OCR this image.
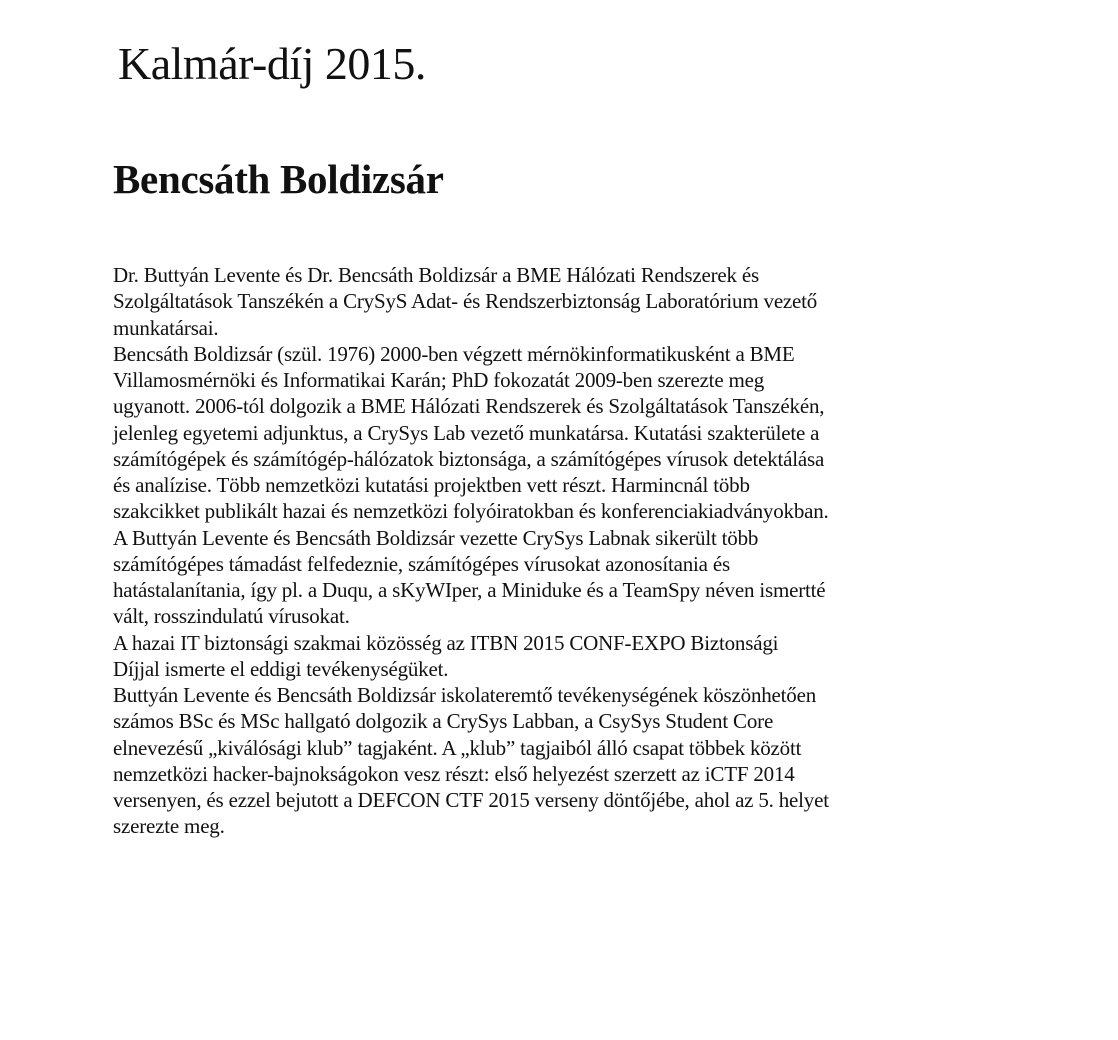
Kalmár-díj 2015.
Bencsáth Boldizsár
Dr. Buttyán Levente és Dr. Bencsáth Boldizsár a BME Hálózati Rendszerek és
Szolgáltatások Tanszékén a CrySyS Adat- és Rendszerbiztonság Laboratórium vezető
munkatársai.
Bencsáth Boldizsár (szül. 1976) 2000-ben végzett mérnökinformatikusként a BME
Villamosmérnöki és Informatikai Karán; PhD fokozatát 2009-ben szerezte meg
ugyanott. 2006-tól dolgozik a BME Hálózati Rendszerek és Szolgáltatások Tanszékén,
jelenleg egyetemi adjunktus, a CrySys Lab vezető munkatársa. Kutatási szakterülete a
számítógépek és számítógép-hálózatok biztonsága, a számítógépes vírusok detektálása
és analízise. Több nemzetközi kutatási projektben vett részt. Harmincnál több
szakcikket publikált hazai és nemzetközi folyóiratokban és konferenciakiadványokban.
A Buttyán Levente és Bencsáth Boldizsár vezette CrySys Labnak sikerült több
számítógépes támadást felfedeznie, számítógépes vírusokat azonosítania és
hatástalanítania, így pl. a Duqu, a sKyWIper, a Miniduke és a TeamSpy néven ismertté
vált, rosszindulatú vírusokat.
A hazai IT biztonsági szakmai közösség az ITBN 2015 CONF-EXPO Biztonsági
Díjjal ismerte el eddigi tevékenységüket.
Buttyán Levente és Bencsáth Boldizsár iskolateremtő tevékenységének köszönhetően
számos BSc és MSc hallgató dolgozik a CrySys Labban, a CsySys Student Core
elnevezésű „kiválósági klub” tagjaként. A „klub” tagjaiból álló csapat többek között
nemzetközi hacker-bajnokságokon vesz részt: első helyezést szerzett az iCTF 2014
versenyen, és ezzel bejutott a DEFCON CTF 2015 verseny döntőjébe, ahol az 5. helyet
szerezte meg.
